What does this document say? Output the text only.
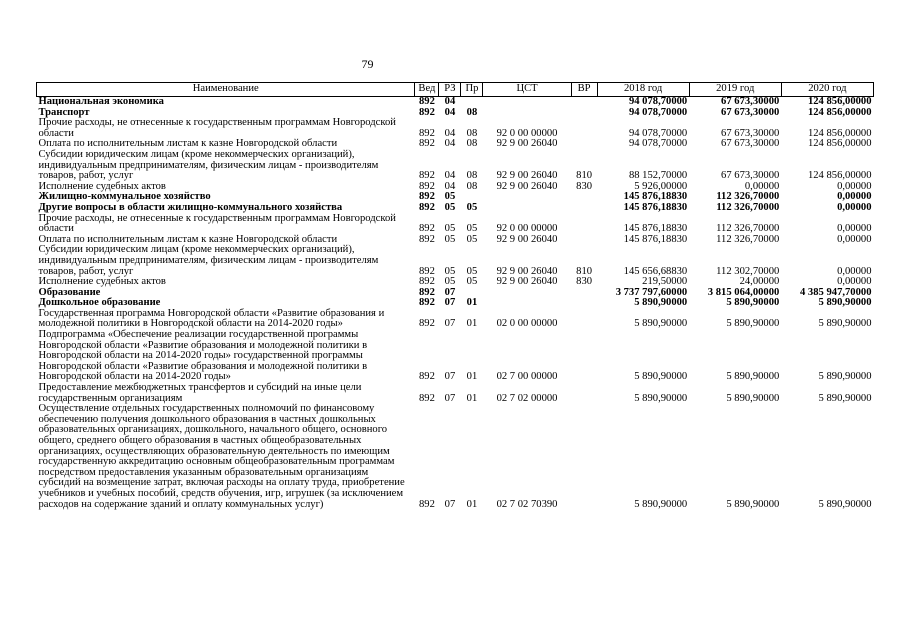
79
Наименование	Вед	РЗ	Пр	ЦСТ	ВР	2018 год	2019 год	2020 год
Национальная экономика	892	04				94 078,70000	67 673,30000	124 856,00000
Транспорт	892	04	08			94 078,70000	67 673,30000	124 856,00000
Прочие расходы, не отнесенные к государственным программам Новгородской области	892	04	08	92 0 00 00000		94 078,70000	67 673,30000	124 856,00000
Оплата по исполнительным листам к казне Новгородской области	892	04	08	92 9 00 26040		94 078,70000	67 673,30000	124 856,00000
Субсидии юридическим лицам (кроме некоммерческих организаций), индивидуальным предпринимателям, физическим лицам - производителям товаров, работ, услуг	892	04	08	92 9 00 26040	810	88 152,70000	67 673,30000	124 856,00000
Исполнение судебных актов	892	04	08	92 9 00 26040	830	5 926,00000	0,00000	0,00000
Жилищно-коммунальное хозяйство	892	05				145 876,18830	112 326,70000	0,00000
Другие вопросы в области жилищно-коммунального хозяйства	892	05	05			145 876,18830	112 326,70000	0,00000
Прочие расходы, не отнесенные к государственным программам Новгородской области	892	05	05	92 0 00 00000		145 876,18830	112 326,70000	0,00000
Оплата по исполнительным листам к казне Новгородской области	892	05	05	92 9 00 26040		145 876,18830	112 326,70000	0,00000
Субсидии юридическим лицам (кроме некоммерческих организаций), индивидуальным предпринимателям, физическим лицам - производителям товаров, работ, услуг	892	05	05	92 9 00 26040	810	145 656,68830	112 302,70000	0,00000
Исполнение судебных актов	892	05	05	92 9 00 26040	830	219,50000	24,00000	0,00000
Образование	892	07				3 737 797,60000	3 815 064,00000	4 385 947,70000
Дошкольное образование	892	07	01			5 890,90000	5 890,90000	5 890,90000
Государственная программа Новгородской области «Развитие образования и молодежной политики в Новгородской области на 2014-2020 годы»	892	07	01	02 0 00 00000		5 890,90000	5 890,90000	5 890,90000
Подпрограмма «Обеспечение реализации государственной программы Новгородской области «Развитие образования и молодежной политики в Новгородской области на 2014-2020 годы» государственной программы Новгородской области «Развитие образования и молодежной политики в Новгородской области на 2014-2020 годы»	892	07	01	02 7 00 00000		5 890,90000	5 890,90000	5 890,90000
Предоставление межбюджетных трансфертов и субсидий на иные цели государственным организациям	892	07	01	02 7 02 00000		5 890,90000	5 890,90000	5 890,90000
Осуществление отдельных государственных полномочий по финансовому обеспечению получения дошкольного образования в частных дошкольных образовательных организациях, дошкольного, начального общего, основного общего, среднего общего образования в частных общеобразовательных организациях, осуществляющих образовательную деятельность по имеющим государственную аккредитацию основным общеобразовательным программам посредством предоставления указанным образовательным организациям субсидий на возмещение затрат, включая расходы на оплату труда, приобретение учебников и учебных пособий, средств обучения, игр, игрушек (за исключением расходов на содержание зданий и оплату коммунальных услуг)	892	07	01	02 7 02 70390		5 890,90000	5 890,90000	5 890,90000
